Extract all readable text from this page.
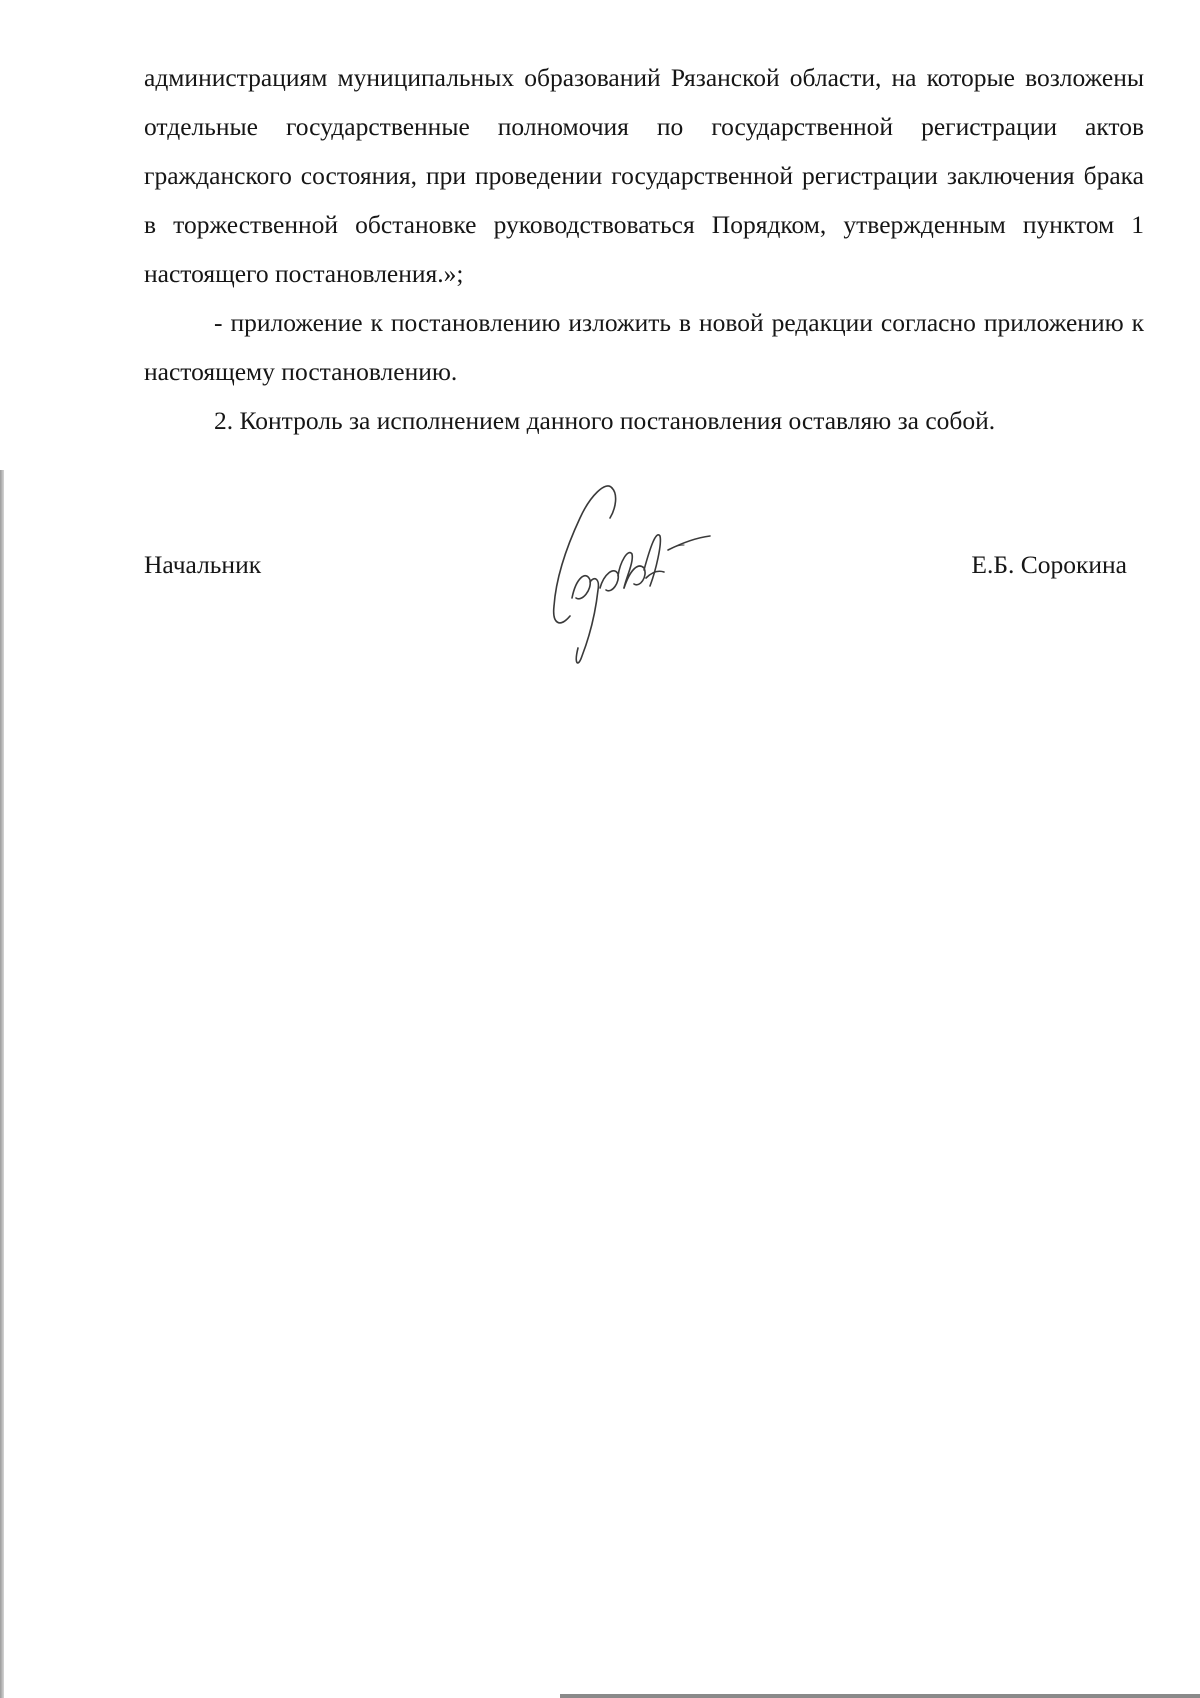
администрациям муниципальных образований Рязанской области, на которые возложены отдельные государственные полномочия по государственной регистрации актов гражданского состояния, при проведении государственной регистрации заключения брака в торжественной обстановке руководствоваться Порядком, утвержденным пунктом 1 настоящего постановления.»;

- приложение к постановлению изложить в новой редакции согласно приложению к настоящему постановлению.

2. Контроль за исполнением данного постановления оставляю за собой.

Начальник	Е.Б. Сорокина
